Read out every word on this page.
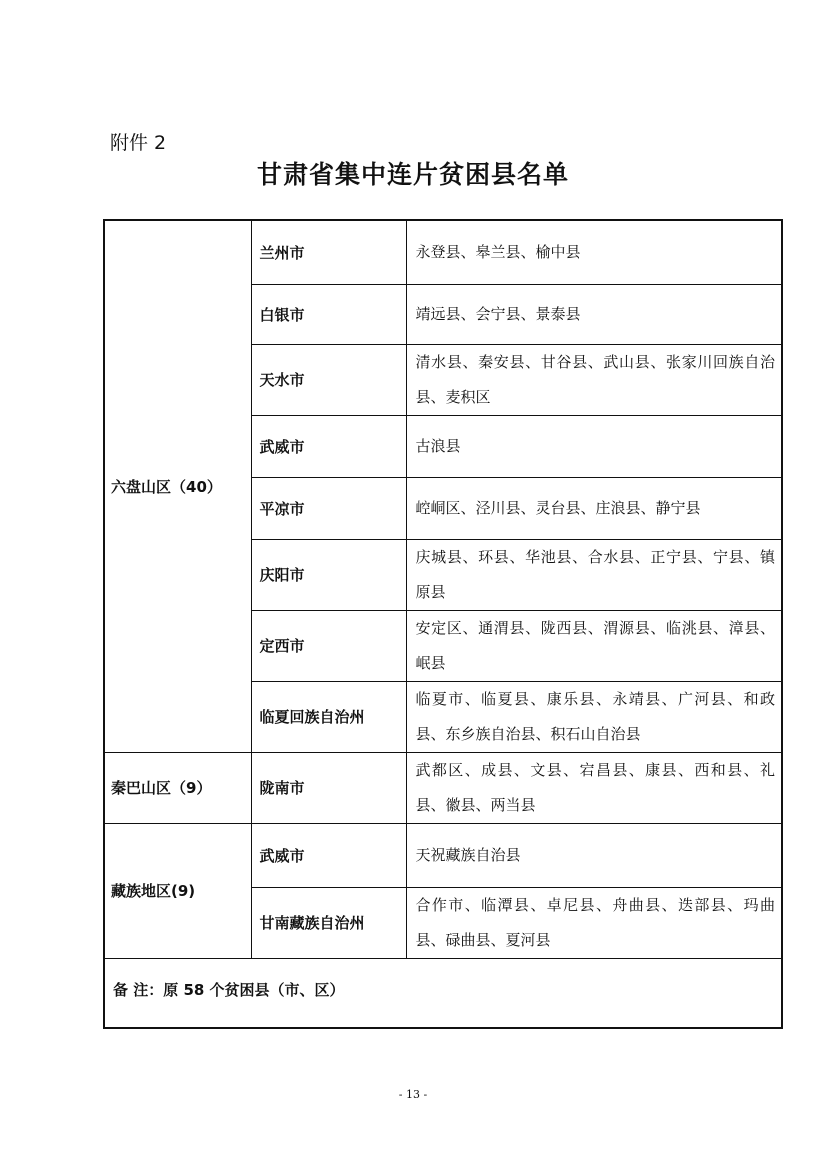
附件 2
甘肃省集中连片贫困县名单
六盘山区（40）	兰州市	永登县、皋兰县、榆中县
	白银市	靖远县、会宁县、景泰县
	天水市	清水县、秦安县、甘谷县、武山县、张家川回族自治县、麦积区
	武威市	古浪县
	平凉市	崆峒区、泾川县、灵台县、庄浪县、静宁县
	庆阳市	庆城县、环县、华池县、合水县、正宁县、宁县、镇原县
	定西市	安定区、通渭县、陇西县、渭源县、临洮县、漳县、岷县
	临夏回族自治州	临夏市、临夏县、康乐县、永靖县、广河县、和政县、东乡族自治县、积石山自治县
秦巴山区（9）	陇南市	武都区、成县、文县、宕昌县、康县、西和县、礼县、徽县、两当县
藏族地区(9)	武威市	天祝藏族自治县
	甘南藏族自治州	合作市、临潭县、卓尼县、舟曲县、迭部县、玛曲县、碌曲县、夏河县
备 注：原 58 个贫困县（市、区）		
- 13 -
